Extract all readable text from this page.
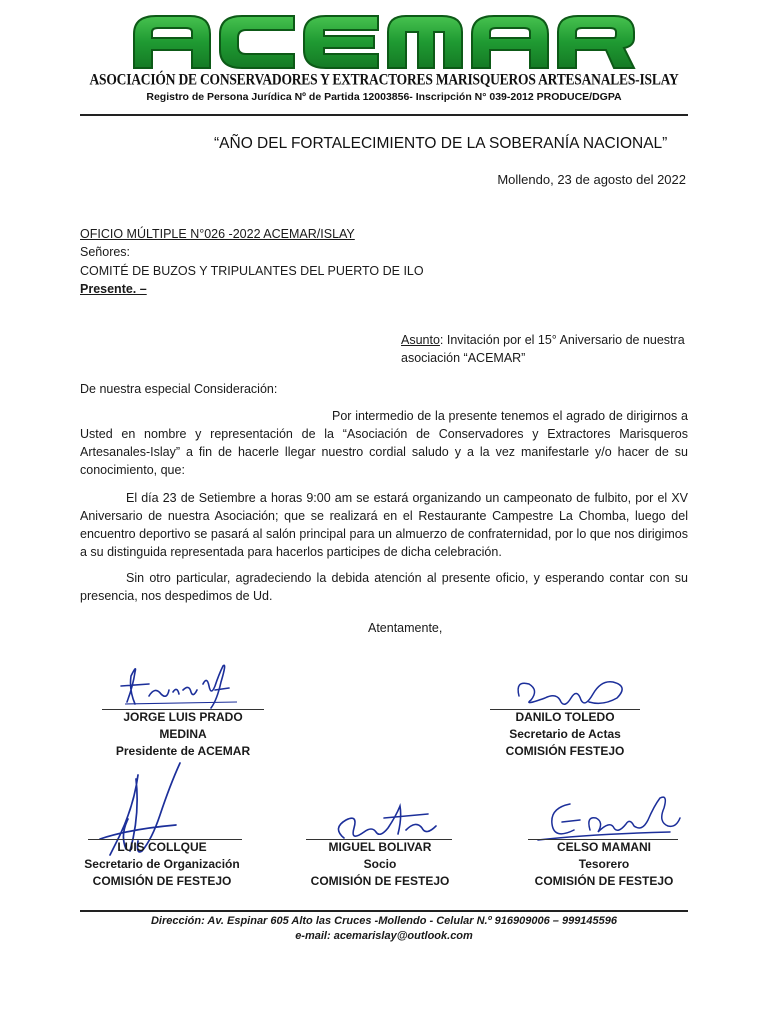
ASOCIACIÓN DE CONSERVADORES Y EXTRACTORES MARISQUEROS ARTESANALES-ISLAY
Registro de Persona Jurídica Nº de Partida 12003856- Inscripción N° 039-2012 PRODUCE/DGPA
“AÑO DEL FORTALECIMIENTO DE LA SOBERANÍA NACIONAL”
Mollendo, 23 de agosto del 2022
OFICIO MÚLTIPLE N°026 -2022 ACEMAR/ISLAY
Señores:
COMITÉ DE BUZOS Y TRIPULANTES DEL PUERTO DE ILO
Presente. –
Asunto: Invitación por el 15° Aniversario de nuestra asociación “ACEMAR”
De nuestra especial Consideración:
Por intermedio de la presente tenemos el agrado de dirigirnos a Usted en nombre y representación de la “Asociación de Conservadores y Extractores Marisqueros Artesanales-Islay” a fin de hacerle llegar nuestro cordial saludo y a la vez manifestarle y/o hacer de su conocimiento, que:
El día 23 de Setiembre a horas 9:00 am se estará organizando un campeonato de fulbito, por el XV Aniversario de nuestra Asociación; que se realizará en el Restaurante Campestre La Chomba, luego del encuentro deportivo se pasará al salón principal para un almuerzo de confraternidad, por lo que nos dirigimos a su distinguida representada para hacerlos participes de dicha celebración.
Sin otro particular, agradeciendo la debida atención al presente oficio, y esperando contar con su presencia, nos despedimos de Ud.
Atentamente,
JORGE LUIS PRADO MEDINA
Presidente de ACEMAR
DANILO TOLEDO
Secretario de Actas
COMISIÓN FESTEJO
LUIS COLLQUE
Secretario de Organización
COMISIÓN DE FESTEJO
MIGUEL BOLIVAR
Socio
COMISIÓN DE FESTEJO
CELSO MAMANI
Tesorero
COMISIÓN DE FESTEJO
Dirección: Av. Espinar 605 Alto las Cruces -Mollendo - Celular N.º 916909006 – 999145596
e-mail: acemarislay@outlook.com
